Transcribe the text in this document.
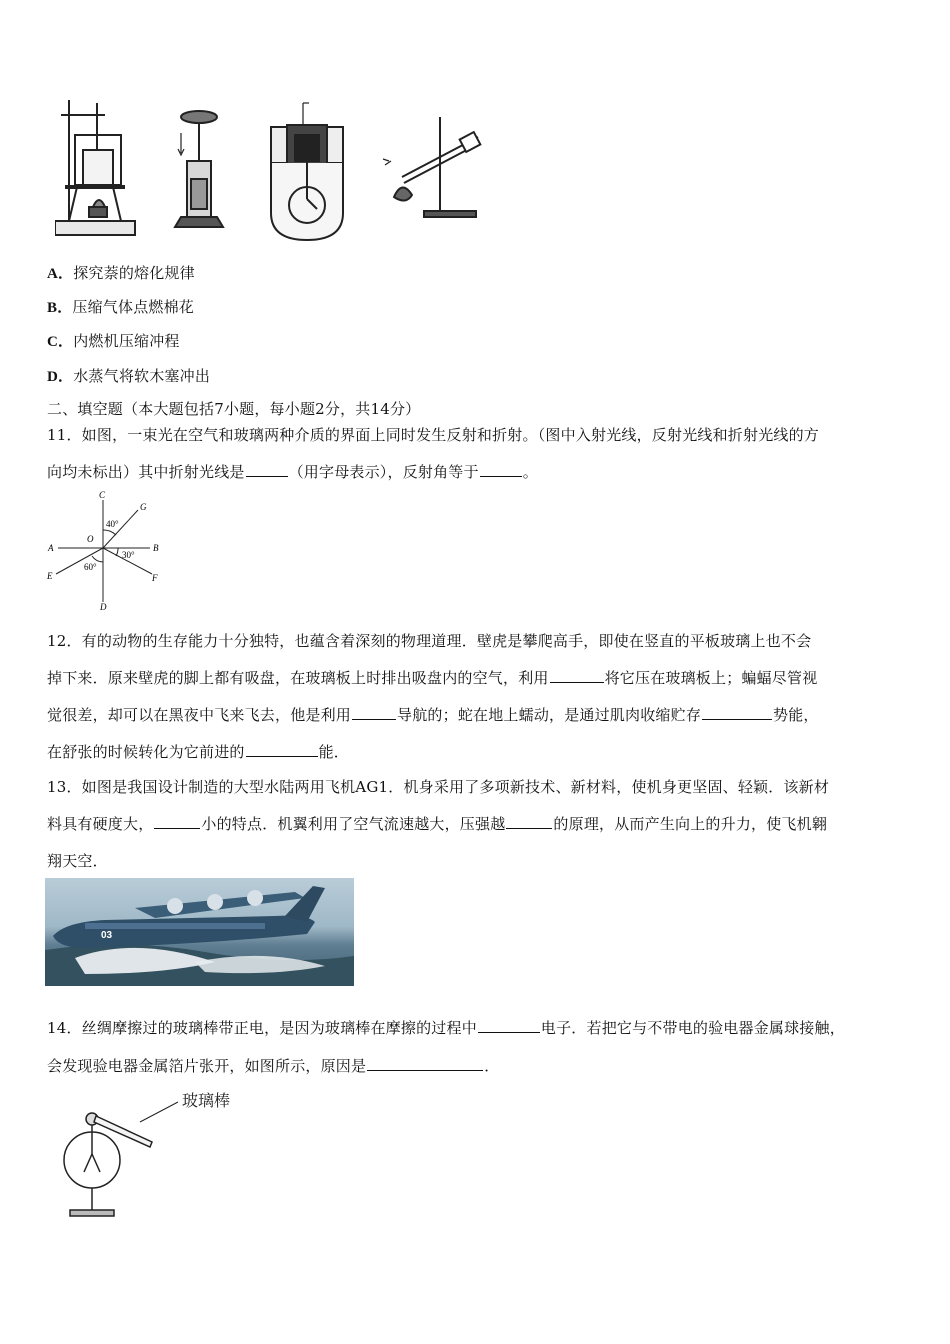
A．探究萘的熔化规律
B．压缩气体点燃棉花
C．内燃机压缩冲程
D．水蒸气将软木塞冲出
二、填空题（本大题包括7小题，每小题2分，共14分）
11．如图，一束光在空气和玻璃两种介质的界面上同时发生反射和折射。（图中入射光线，反射光线和折射光线的方
向均未标出）其中折射光线是	（用字母表示），反射角等于	。
C
G
A
O
B
E	F
D
40°
30°
60°
12．有的动物的生存能力十分独特，也蕴含着深刻的物理道理．壁虎是攀爬高手，即使在竖直的平板玻璃上也不会
掉下来．原来壁虎的脚上都有吸盘，在玻璃板上时排出吸盘内的空气，利用	将它压在玻璃板上；蝙蝠尽管视
觉很差，却可以在黑夜中飞来飞去，他是利用	导航的；蛇在地上蠕动，是通过肌肉收缩贮存	势能，
在舒张的时候转化为它前进的	能．
13．如图是我国设计制造的大型水陆两用飞机AG1．机身采用了多项新技术、新材料，使机身更坚固、轻颖．该新材
料具有硬度大，	小的特点．机翼利用了空气流速越大，压强越	的原理，从而产生向上的升力，使飞机翱
翔天空．
03
14．丝绸摩擦过的玻璃棒带正电，是因为玻璃棒在摩擦的过程中	电子．若把它与不带电的验电器金属球接触，
会发现验电器金属箔片张开，如图所示，原因是	．
玻璃棒
